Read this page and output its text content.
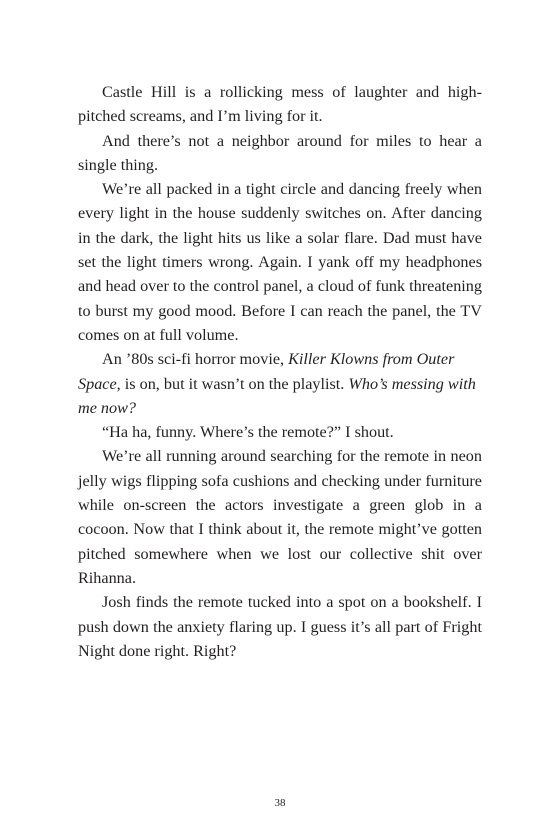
Castle Hill is a rollicking mess of laughter and high-pitched screams, and I’m living for it.

And there’s not a neighbor around for miles to hear a single thing.

We’re all packed in a tight circle and dancing freely when every light in the house suddenly switches on. After dancing in the dark, the light hits us like a solar flare. Dad must have set the light timers wrong. Again. I yank off my headphones and head over to the control panel, a cloud of funk threatening to burst my good mood. Before I can reach the panel, the TV comes on at full volume.

An ’80s sci-fi horror movie, Killer Klowns from Outer Space, is on, but it wasn’t on the playlist. Who’s messing with me now?

“Ha ha, funny. Where’s the remote?” I shout.

We’re all running around searching for the remote in neon jelly wigs flipping sofa cushions and checking under furniture while on-screen the actors investigate a green glob in a cocoon. Now that I think about it, the remote might’ve gotten pitched somewhere when we lost our collective shit over Rihanna.

Josh finds the remote tucked into a spot on a bookshelf. I push down the anxiety flaring up. I guess it’s all part of Fright Night done right. Right?

38
